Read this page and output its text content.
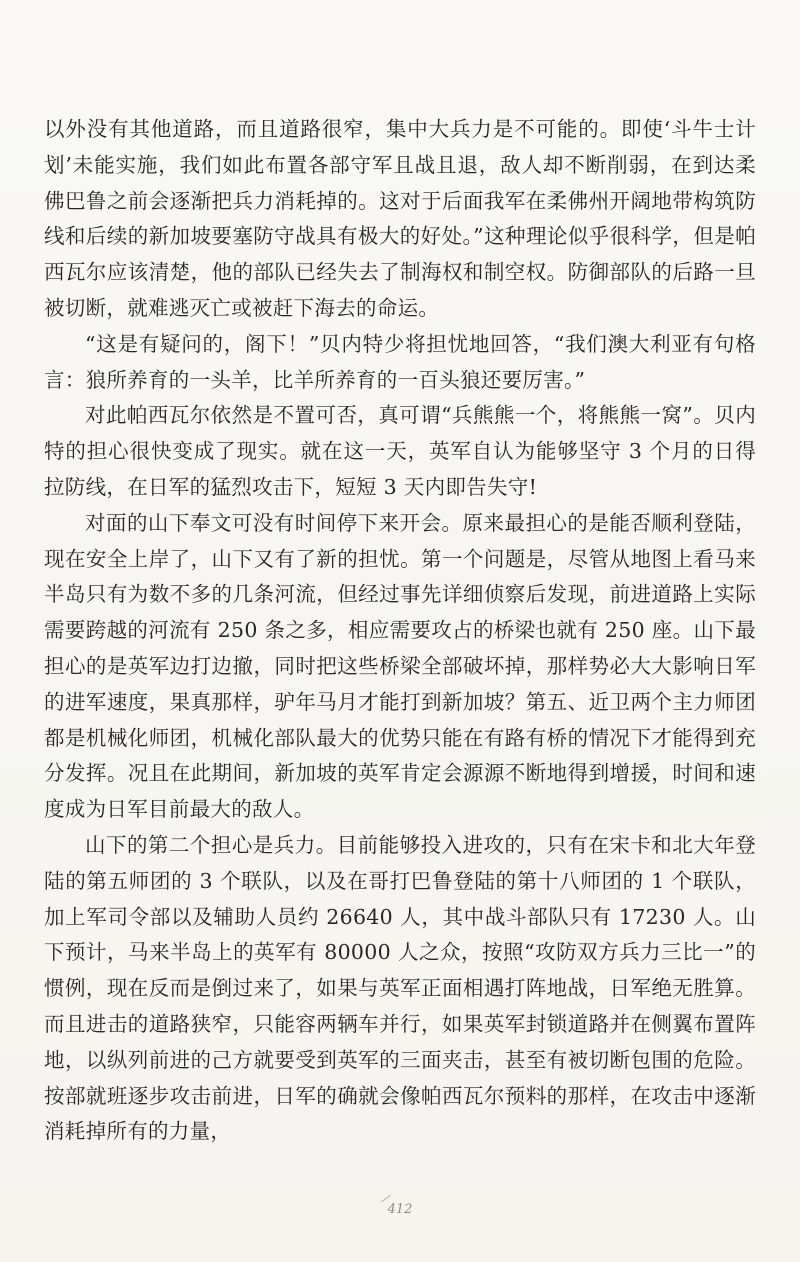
以外没有其他道路，而且道路很窄，集中大兵力是不可能的。即使‘斗牛士计划’未能实施，我们如此布置各部守军且战且退，敌人却不断削弱，在到达柔佛巴鲁之前会逐渐把兵力消耗掉的。这对于后面我军在柔佛州开阔地带构筑防线和后续的新加坡要塞防守战具有极大的好处。”这种理论似乎很科学，但是帕西瓦尔应该清楚，他的部队已经失去了制海权和制空权。防御部队的后路一旦被切断，就难逃灭亡或被赶下海去的命运。

“这是有疑问的，阁下！”贝内特少将担忧地回答，“我们澳大利亚有句格言：狼所养育的一头羊，比羊所养育的一百头狼还要厉害。”

对此帕西瓦尔依然是不置可否，真可谓“兵熊熊一个，将熊熊一窝”。贝内特的担心很快变成了现实。就在这一天，英军自认为能够坚守 3 个月的日得拉防线，在日军的猛烈攻击下，短短 3 天内即告失守!

对面的山下奉文可没有时间停下来开会。原来最担心的是能否顺利登陆，现在安全上岸了，山下又有了新的担忧。第一个问题是，尽管从地图上看马来半岛只有为数不多的几条河流，但经过事先详细侦察后发现，前进道路上实际需要跨越的河流有 250 条之多，相应需要攻占的桥梁也就有 250 座。山下最担心的是英军边打边撤，同时把这些桥梁全部破坏掉，那样势必大大影响日军的进军速度，果真那样，驴年马月才能打到新加坡？第五、近卫两个主力师团都是机械化师团，机械化部队最大的优势只能在有路有桥的情况下才能得到充分发挥。况且在此期间，新加坡的英军肯定会源源不断地得到增援，时间和速度成为日军目前最大的敌人。

山下的第二个担心是兵力。目前能够投入进攻的，只有在宋卡和北大年登陆的第五师团的 3 个联队，以及在哥打巴鲁登陆的第十八师团的 1 个联队，加上军司令部以及辅助人员约 26640 人，其中战斗部队只有 17230 人。山下预计，马来半岛上的英军有 80000 人之众，按照“攻防双方兵力三比一”的惯例，现在反而是倒过来了，如果与英军正面相遇打阵地战，日军绝无胜算。而且进击的道路狭窄，只能容两辆车并行，如果英军封锁道路并在侧翼布置阵地，以纵列前进的己方就要受到英军的三面夹击，甚至有被切断包围的危险。按部就班逐步攻击前进，日军的确就会像帕西瓦尔预料的那样，在攻击中逐渐消耗掉所有的力量，

412
